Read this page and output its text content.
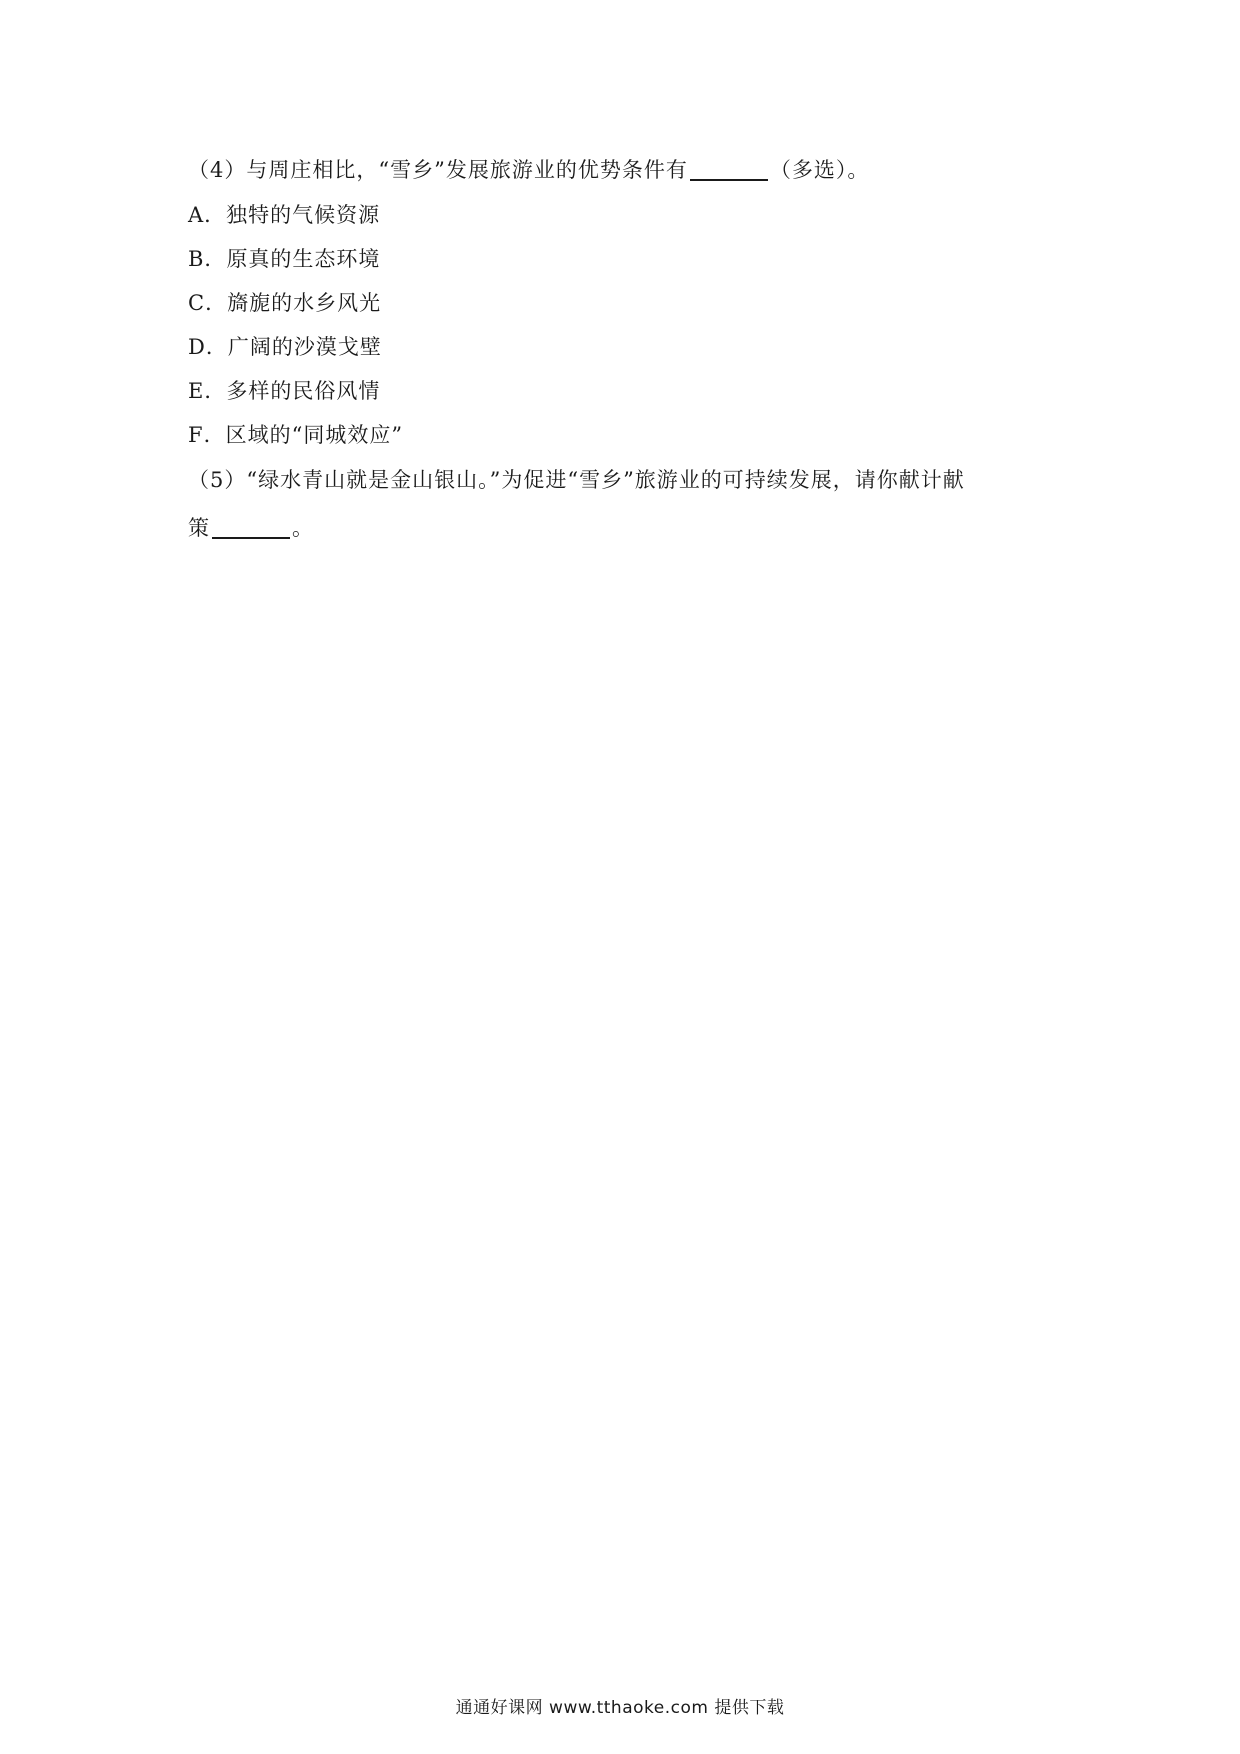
（4）与周庄相比，“雪乡”发展旅游业的优势条件有	（多选）。
A．独特的气候资源
B．原真的生态环境
C．旖旎的水乡风光
D．广阔的沙漠戈壁
E．多样的民俗风情
F．区域的“同城效应”
（5）“绿水青山就是金山银山。”为促进“雪乡”旅游业的可持续发展，请你献计献
策	。
通通好课网 www.tthaoke.com 提供下载
